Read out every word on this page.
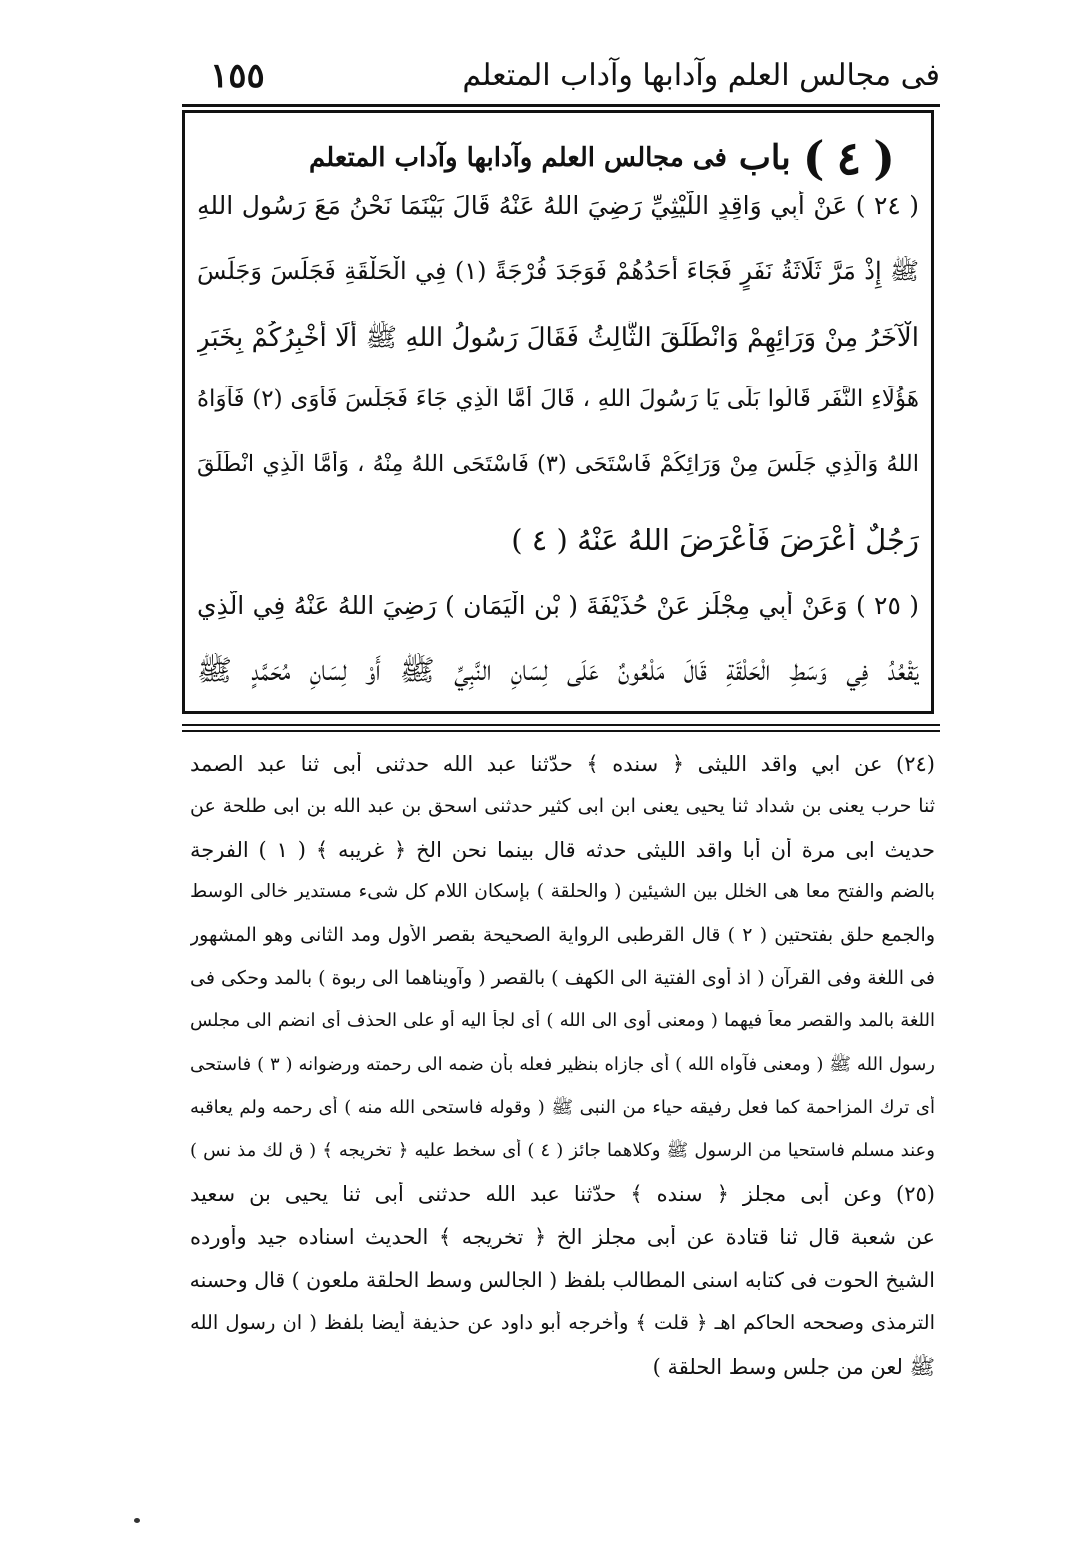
١٥٥	فى مجالس العلم وآدابها وآداب المتعلم
(
٤
)
باب
فى مجالس العلم وآدابها وآداب المتعلم
( ٢٤ ) عَنْ أَبِي وَاقِدٍ اللَّيْثِيِّ رَضِيَ اللهُ عَنْهُ قَالَ بَيْنَمَا نَحْنُ مَعَ رَسُولِ اللهِ
ﷺ إِذْ مَرَّ ثَلَاثَةُ نَفَرٍ فَجَاءَ أَحَدُهُمْ فَوَجَدَ فُرْجَةً (١) فِي الْحَلْقَةِ فَجَلَسَ وَجَلَسَ
الْآخَرُ مِنْ وَرَائِهِمْ وَانْطَلَقَ الثَّالِثُ فَقَالَ رَسُولُ اللهِ ﷺ أَلَا أُخْبِرُكُمْ بِخَبَرِ
هَؤُلَاءِ النَّفَرِ قَالُوا بَلَى يَا رَسُولَ اللهِ ، قَالَ أَمَّا الَّذِي جَاءَ فَجَلَسَ فَأَوَى (٢) فَآوَاهُ
اللهُ وَالَّذِي جَلَسَ مِنْ وَرَائِكُمْ فَاسْتَحَى (٣) فَاسْتَحَى اللهُ مِنْهُ ، وَأَمَّا الَّذِي انْطَلَقَ
رَجُلٌ أَعْرَضَ فَأَعْرَضَ اللهُ عَنْهُ ( ٤ )
( ٢٥ ) وَعَنْ أَبِي مِجْلَزٍ عَنْ حُذَيْفَةَ ( بْنِ الْيَمَانِ ) رَضِيَ اللهُ عَنْهُ فِي الَّذِي
يَقْعُدُ فِي وَسَطِ الْحَلْقَةِ قَالَ مَلْعُونٌ عَلَى لِسَانِ النَّبِيِّ ﷺ أَوْ لِسَانِ مُحَمَّدٍ ﷺ
(٢٤) عن ابي واقد الليثى ﴿ سنده ﴾ حدّثنا عبد الله حدثنى أبى ثنا عبد الصمد
ثنا حرب يعنى بن شداد ثنا يحيى يعنى ابن ابى كثير حدثنى اسحق بن عبد الله بن ابى طلحة عن
حديث ابى مرة أن أبا واقد الليثى حدثه قال بينما نحن الخ ﴿ غريبه ﴾ ( ١ ) الفرجة
بالضم والفتح معا هى الخلل بين الشيئين ( والحلقة ) بإسكان اللام كل شىء مستدير خالى الوسط
والجمع حلق بفتحتين ( ٢ ) قال القرطبى الرواية الصحيحة بقصر الأول ومد الثانى وهو المشهور
فى اللغة وفى القرآن ( اذ أوى الفتية الى الكهف ) بالقصر ( وآويناهما الى ربوة ) بالمد وحكى فى
اللغة بالمد والقصر معاً فيهما ( ومعنى أوى الى الله ) أى لجأ اليه أو على الحذف أى انضم الى مجلس
رسول الله ﷺ ( ومعنى فآواه الله ) أى جازاه بنظير فعله بأن ضمه الى رحمته ورضوانه ( ٣ ) فاستحى
أى ترك المزاحمة كما فعل رفيقه حياء من النبى ﷺ ( وقوله فاستحى الله منه ) أى رحمه ولم يعاقبه
وعند مسلم فاستحيا من الرسول ﷺ وكلاهما جائز ( ٤ ) أى سخط عليه ﴿ تخريجه ﴾ ( ق لك مذ نس )
(٢٥) وعن أبى مجلز ﴿ سنده ﴾ حدّثنا عبد الله حدثنى أبى ثنا يحيى بن سعيد
عن شعبة قال ثنا قتادة عن أبى مجلز الخ ﴿ تخريجه ﴾ الحديث اسناده جيد وأورده
الشيخ الحوت فى كتابه اسنى المطالب بلفظ ( الجالس وسط الحلقة ملعون ) قال وحسنه
الترمذى وصححه الحاكم اهـ ﴿ قلت ﴾ وأخرجه أبو داود عن حذيفة أيضا بلفظ ( ان رسول الله
ﷺ لعن من جلس وسط الحلقة )
